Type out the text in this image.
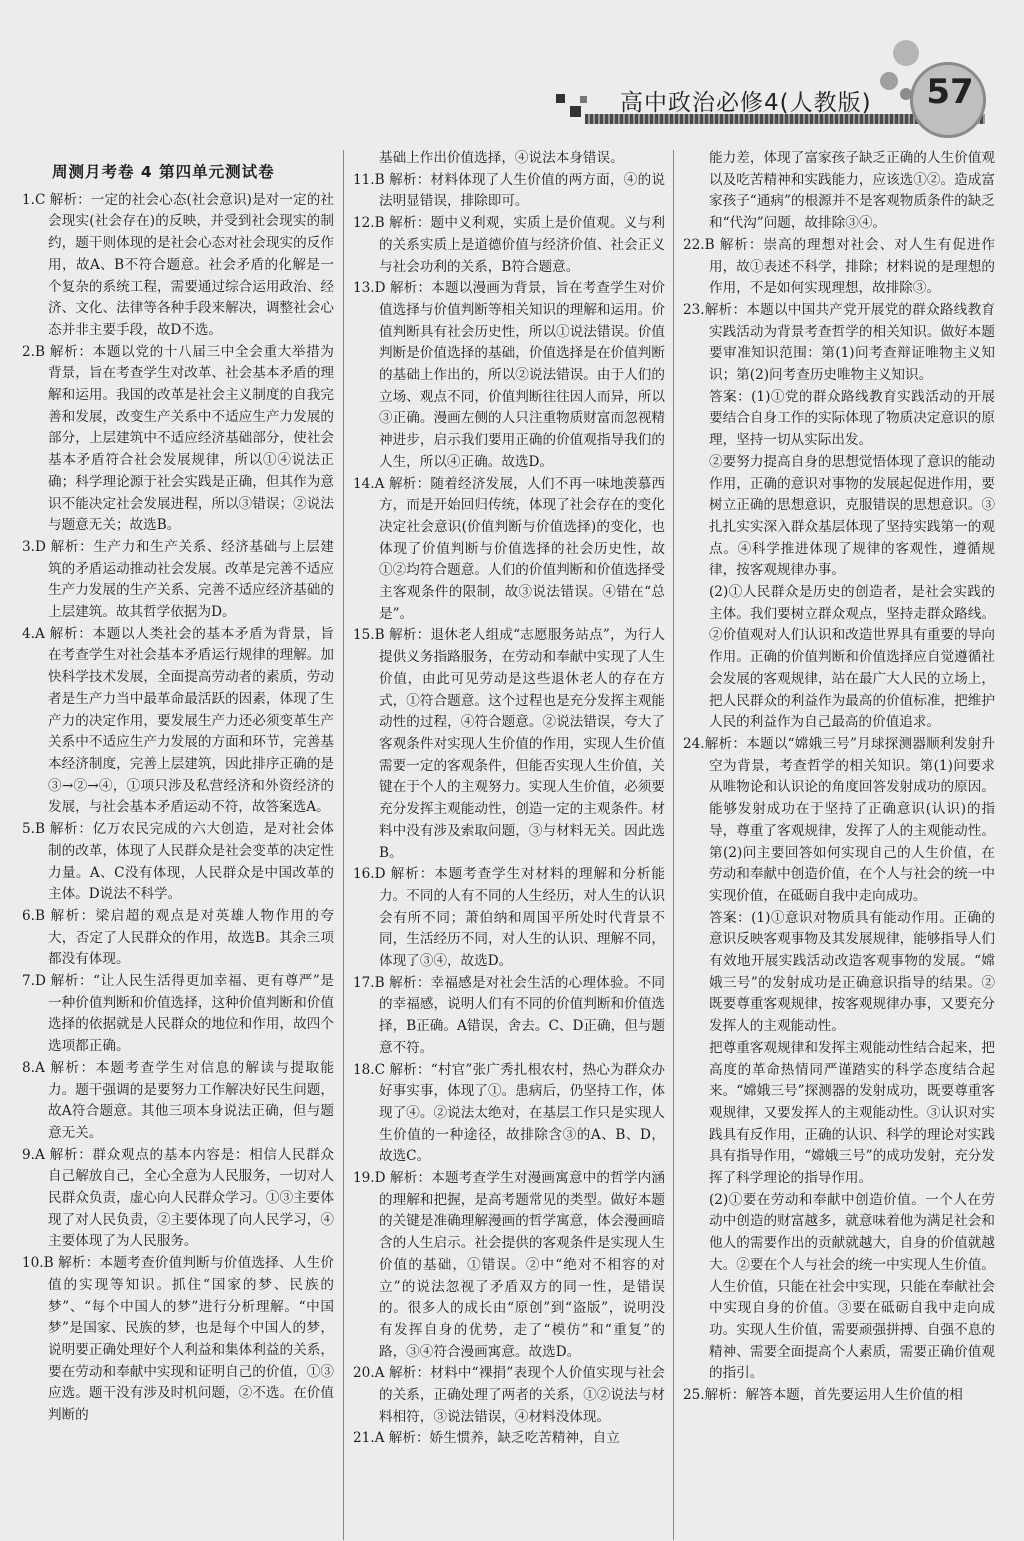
高中政治必修4(人教版) 57
周测月考卷 4 第四单元测试卷

1.C 解析：一定的社会心态(社会意识)是对一定的社会现实(社会存在)的反映，并受到社会现实的制约，题干则体现的是社会心态对社会现实的反作用，故A、B不符合题意。社会矛盾的化解是一个复杂的系统工程，需要通过综合运用政治、经济、文化、法律等各种手段来解决，调整社会心态并非主要手段，故D不选。

2.B 解析：本题以党的十八届三中全会重大举措为背景，旨在考查学生对改革、社会基本矛盾的理解和运用。我国的改革是社会主义制度的自我完善和发展，改变生产关系中不适应生产力发展的部分，上层建筑中不适应经济基础部分，使社会基本矛盾符合社会发展规律，所以①④说法正确；科学理论源于社会实践是正确，但其作为意识不能决定社会发展进程，所以③错误；②说法与题意无关；故选B。

3.D 解析：生产力和生产关系、经济基础与上层建筑的矛盾运动推动社会发展。改革是完善不适应生产力发展的生产关系、完善不适应经济基础的上层建筑。故其哲学依据为D。

4.A 解析：本题以人类社会的基本矛盾为背景，旨在考查学生对社会基本矛盾运行规律的理解。加快科学技术发展，全面提高劳动者的素质，劳动者是生产力当中最革命最活跃的因素，体现了生产力的决定作用，要发展生产力还必须变革生产关系中不适应生产力发展的方面和环节，完善基本经济制度，完善上层建筑，因此排序正确的是③→②→④，①项只涉及私营经济和外资经济的发展，与社会基本矛盾运动不符，故答案选A。

5.B 解析：亿万农民完成的六大创造，是对社会体制的改革，体现了人民群众是社会变革的决定性力量。A、C没有体现，人民群众是中国改革的主体。D说法不科学。

6.B 解析：梁启超的观点是对英雄人物作用的夸大，否定了人民群众的作用，故选B。其余三项都没有体现。

7.D 解析：“让人民生活得更加幸福、更有尊严”是一种价值判断和价值选择，这种价值判断和价值选择的依据就是人民群众的地位和作用，故四个选项都正确。

8.A 解析：本题考查学生对信息的解读与提取能力。题干强调的是要努力工作解决好民生问题，故A符合题意。其他三项本身说法正确，但与题意无关。

9.A 解析：群众观点的基本内容是：相信人民群众自己解放自己，全心全意为人民服务，一切对人民群众负责，虚心向人民群众学习。①③主要体现了对人民负责，②主要体现了向人民学习，④主要体现了为人民服务。

10.B 解析：本题考查价值判断与价值选择、人生价值的实现等知识。抓住“国家的梦、民族的梦”、“每个中国人的梦”进行分析理解。“中国梦”是国家、民族的梦，也是每个中国人的梦，说明要正确处理好个人利益和集体利益的关系，要在劳动和奉献中实现和证明自己的价值，①③应选。题干没有涉及时机问题，②不选。在价值判断的

基础上作出价值选择，④说法本身错误。

11.B 解析：材料体现了人生价值的两方面，④的说法明显错误，排除即可。

12.B 解析：题中义利观，实质上是价值观。义与利的关系实质上是道德价值与经济价值、社会正义与社会功利的关系，B符合题意。

13.D 解析：本题以漫画为背景，旨在考查学生对价值选择与价值判断等相关知识的理解和运用。价值判断具有社会历史性，所以①说法错误。价值判断是价值选择的基础，价值选择是在价值判断的基础上作出的，所以②说法错误。由于人们的立场、观点不同，价值判断往往因人而异，所以③正确。漫画左侧的人只注重物质财富而忽视精神进步，启示我们要用正确的价值观指导我们的人生，所以④正确。故选D。

14.A 解析：随着经济发展，人们不再一味地羡慕西方，而是开始回归传统，体现了社会存在的变化决定社会意识(价值判断与价值选择)的变化，也体现了价值判断与价值选择的社会历史性，故①②均符合题意。人们的价值判断和价值选择受主客观条件的限制，故③说法错误。④错在“总是”。

15.B 解析：退休老人组成“志愿服务站点”，为行人提供义务指路服务，在劳动和奉献中实现了人生价值，由此可见劳动是这些退休老人的存在方式，①符合题意。这个过程也是充分发挥主观能动性的过程，④符合题意。②说法错误，夸大了客观条件对实现人生价值的作用，实现人生价值需要一定的客观条件，但能否实现人生价值，关键在于个人的主观努力。实现人生价值，必须要充分发挥主观能动性，创造一定的主观条件。材料中没有涉及索取问题，③与材料无关。因此选B。

16.D 解析：本题考查学生对材料的理解和分析能力。不同的人有不同的人生经历，对人生的认识会有所不同；萧伯纳和周国平所处时代背景不同，生活经历不同，对人生的认识、理解不同，体现了③④，故选D。

17.B 解析：幸福感是对社会生活的心理体验。不同的幸福感，说明人们有不同的价值判断和价值选择，B正确。A错误，舍去。C、D正确，但与题意不符。

18.C 解析：“村官”张广秀扎根农村，热心为群众办好事实事，体现了①。患病后，仍坚持工作，体现了④。②说法太绝对，在基层工作只是实现人生价值的一种途径，故排除含③的A、B、D，故选C。

19.D 解析：本题考查学生对漫画寓意中的哲学内涵的理解和把握，是高考题常见的类型。做好本题的关键是准确理解漫画的哲学寓意，体会漫画暗含的人生启示。社会提供的客观条件是实现人生价值的基础，①错误。②中“绝对不相容的对立”的说法忽视了矛盾双方的同一性，是错误的。很多人的成长由“原创”到“盗版”，说明没有发挥自身的优势，走了“模仿”和“重复”的路，③④符合漫画寓意。故选D。

20.A 解析：材料中“裸捐”表现个人价值实现与社会的关系，正确处理了两者的关系，①②说法与材料相符，③说法错误，④材料没体现。

21.A 解析：娇生惯养，缺乏吃苦精神，自立

能力差，体现了富家孩子缺乏正确的人生价值观以及吃苦精神和实践能力，应该选①②。造成富家孩子“通病”的根源并不是客观物质条件的缺乏和“代沟”问题，故排除③④。

22.B 解析：崇高的理想对社会、对人生有促进作用，故①表述不科学，排除；材料说的是理想的作用，不是如何实现理想，故排除③。

23.解析：本题以中国共产党开展党的群众路线教育实践活动为背景考查哲学的相关知识。做好本题要审准知识范围：第(1)问考查辩证唯物主义知识；第(2)问考查历史唯物主义知识。

答案：(1)①党的群众路线教育实践活动的开展要结合自身工作的实际体现了物质决定意识的原理，坚持一切从实际出发。

②要努力提高自身的思想觉悟体现了意识的能动作用，正确的意识对事物的发展起促进作用，要树立正确的思想意识，克服错误的思想意识。③扎扎实实深入群众基层体现了坚持实践第一的观点。④科学推进体现了规律的客观性，遵循规律，按客观规律办事。

(2)①人民群众是历史的创造者，是社会实践的主体。我们要树立群众观点，坚持走群众路线。②价值观对人们认识和改造世界具有重要的导向作用。正确的价值判断和价值选择应自觉遵循社会发展的客观规律，站在最广大人民的立场上，把人民群众的利益作为最高的价值标准，把维护人民的利益作为自己最高的价值追求。

24.解析：本题以“嫦娥三号”月球探测器顺利发射升空为背景，考查哲学的相关知识。第(1)问要求从唯物论和认识论的角度回答发射成功的原因。能够发射成功在于坚持了正确意识(认识)的指导，尊重了客观规律，发挥了人的主观能动性。第(2)问主要回答如何实现自己的人生价值，在劳动和奉献中创造价值，在个人与社会的统一中实现价值，在砥砺自我中走向成功。

答案：(1)①意识对物质具有能动作用。正确的意识反映客观事物及其发展规律，能够指导人们有效地开展实践活动改造客观事物的发展。“嫦娥三号”的发射成功是正确意识指导的结果。②既要尊重客观规律，按客观规律办事，又要充分发挥人的主观能动性。

把尊重客观规律和发挥主观能动性结合起来，把高度的革命热情同严谨踏实的科学态度结合起来。“嫦娥三号”探测器的发射成功，既要尊重客观规律，又要发挥人的主观能动性。③认识对实践具有反作用，正确的认识、科学的理论对实践具有指导作用，“嫦娥三号”的成功发射，充分发挥了科学理论的指导作用。

(2)①要在劳动和奉献中创造价值。一个人在劳动中创造的财富越多，就意味着他为满足社会和他人的需要作出的贡献就越大，自身的价值就越大。②要在个人与社会的统一中实现人生价值。人生价值，只能在社会中实现，只能在奉献社会中实现自身的价值。③要在砥砺自我中走向成功。实现人生价值，需要顽强拼搏、自强不息的精神、需要全面提高个人素质，需要正确价值观的指引。

25.解析：解答本题，首先要运用人生价值的相
